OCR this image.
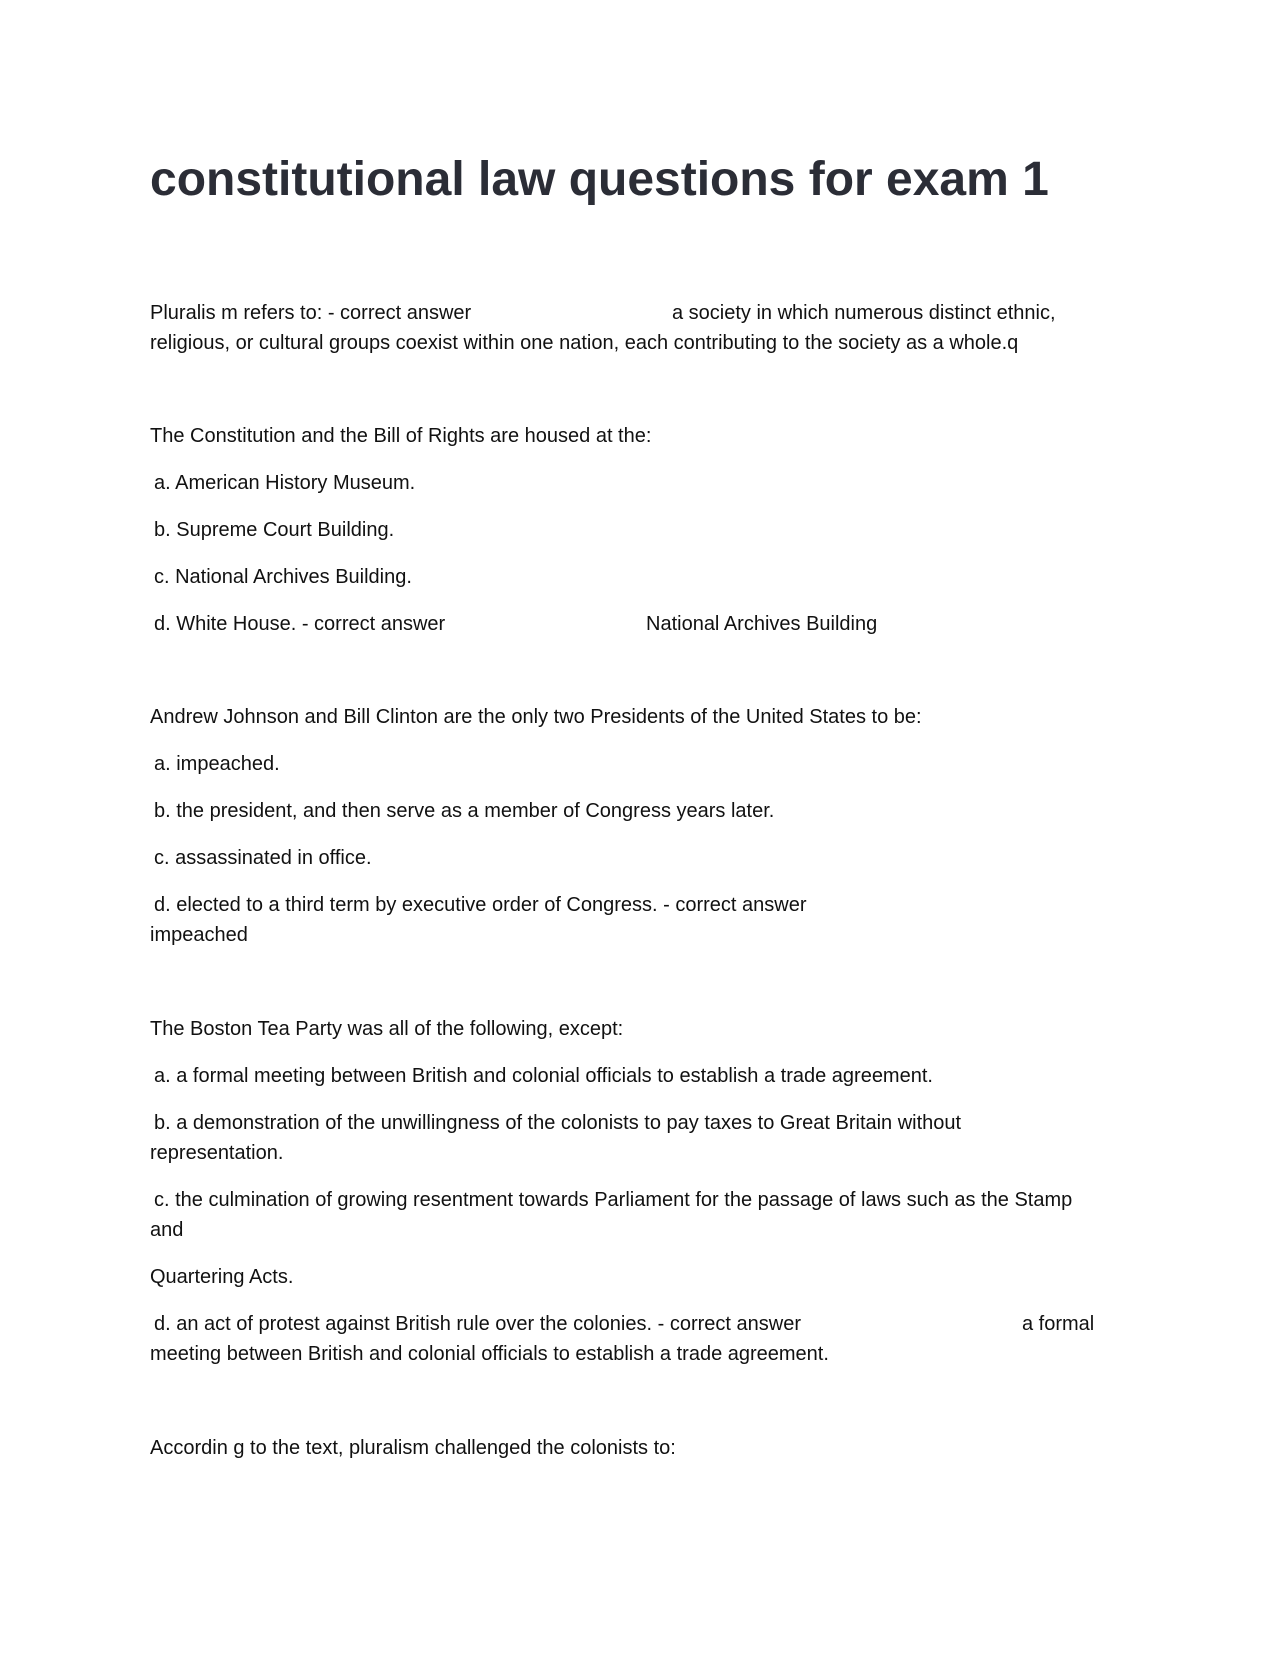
constitutional law questions for exam 1

Pluralis m refers to: - correct answer	a society in which numerous distinct ethnic,

religious, or cultural groups coexist within one nation, each contributing to the society as a whole.q

The Constitution and the Bill of Rights are housed at the:

a. American History Museum.

b. Supreme Court Building.

c. National Archives Building.

d. White House. - correct answer	National Archives Building

Andrew Johnson and Bill Clinton are the only two Presidents of the United States to be:

a. impeached.

b. the president, and then serve as a member of Congress years later.

c. assassinated in office.

d. elected to a third term by executive order of Congress. - correct answer

impeached

The Boston Tea Party was all of the following, except:

a. a formal meeting between British and colonial officials to establish a trade agreement.

b. a demonstration of the unwillingness of the colonists to pay taxes to Great Britain without

representation.

c. the culmination of growing resentment towards Parliament for the passage of laws such as the Stamp

and

Quartering Acts.

d. an act of protest against British rule over the colonies. - correct answer	a formal

meeting between British and colonial officials to establish a trade agreement.

Accordin g to the text, pluralism challenged the colonists to:
